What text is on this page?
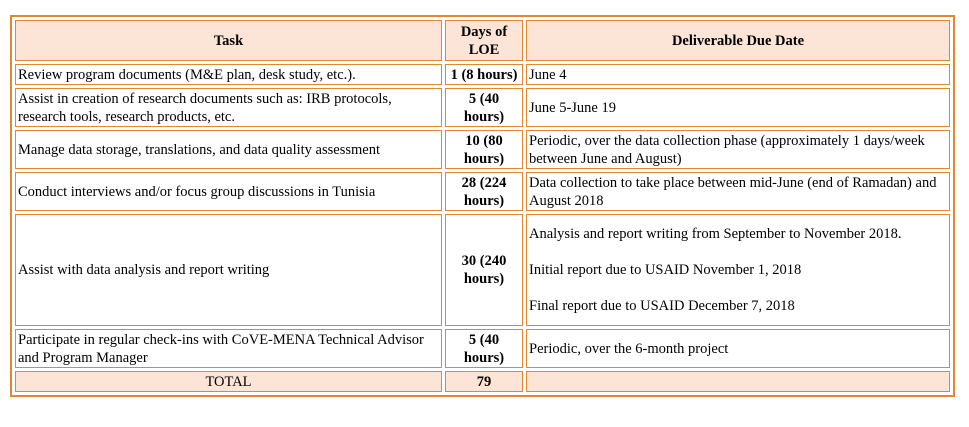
Task	Days of LOE	Deliverable Due Date
Review program documents (M&E plan, desk study, etc.).	1 (8 hours)	June 4
Assist in creation of research documents such as: IRB protocols, research tools, research products, etc.	5 (40 hours)	June 5-June 19
Manage data storage, translations, and data quality assessment	10 (80 hours)	Periodic, over the data collection phase (approximately 1 days/week between June and August)
Conduct interviews and/or focus group discussions in Tunisia	28 (224 hours)	Data collection to take place between mid-June (end of Ramadan) and August 2018
Assist with data analysis and report writing	30 (240 hours)	Analysis and report writing from September to November 2018.
Initial report due to USAID November 1, 2018
Final report due to USAID December 7, 2018

Participate in regular check-ins with CoVE-MENA Technical Advisor and Program Manager	5 (40 hours)	Periodic, over the 6-month project
TOTAL	79	
